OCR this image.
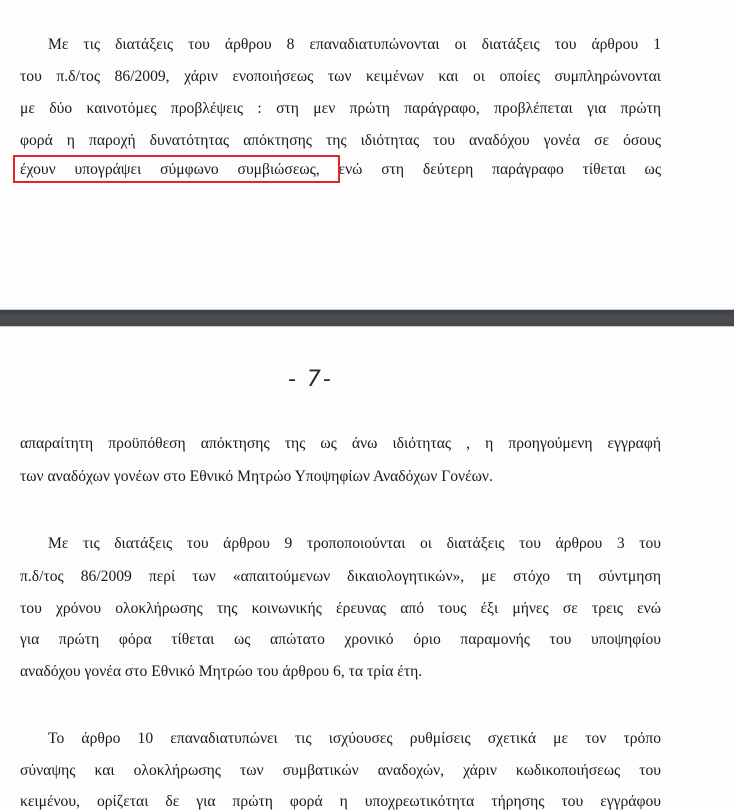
Με τις διατάξεις του άρθρου 8 επαναδιατυπώνονται οι διατάξεις του άρθρου 1
του π.δ/τος 86/2009, χάριν ενοποιήσεως των κειμένων και οι οποίες συμπληρώνονται
με δύο καινοτόμες προβλέψεις : στη μεν πρώτη παράγραφο, προβλέπεται για πρώτη
φορά η παροχή δυνατότητας απόκτησης της ιδιότητας του αναδόχου γονέα σε όσους
έχουν υπογράψει σύμφωνο συμβιώσεως, ενώ στη δεύτερη παράγραφο τίθεται ως
- 7-
απαραίτητη προϋπόθεση απόκτησης της ως άνω ιδιότητας , η προηγούμενη εγγραφή
των αναδόχων γονέων στο Εθνικό Μητρώο Υποψηφίων Αναδόχων Γονέων.
Με τις διατάξεις του άρθρου 9 τροποποιούνται οι διατάξεις του άρθρου 3 του
π.δ/τος 86/2009 περί των «απαιτούμενων δικαιολογητικών», με στόχο τη σύντμηση
του χρόνου ολοκλήρωσης της κοινωνικής έρευνας από τους έξι μήνες σε τρεις ενώ
για πρώτη φόρα τίθεται ως απώτατο χρονικό όριο παραμονής του υποψηφίου
αναδόχου γονέα στο Εθνικό Μητρώο του άρθρου 6, τα τρία έτη.
Το άρθρο 10 επαναδιατυπώνει τις ισχύουσες ρυθμίσεις σχετικά με τον τρόπο
σύναψης και ολοκλήρωσης των συμβατικών αναδοχών, χάριν κωδικοποιήσεως του
κειμένου, ορίζεται δε για πρώτη φορά η υποχρεωτικότητα τήρησης του εγγράφου
